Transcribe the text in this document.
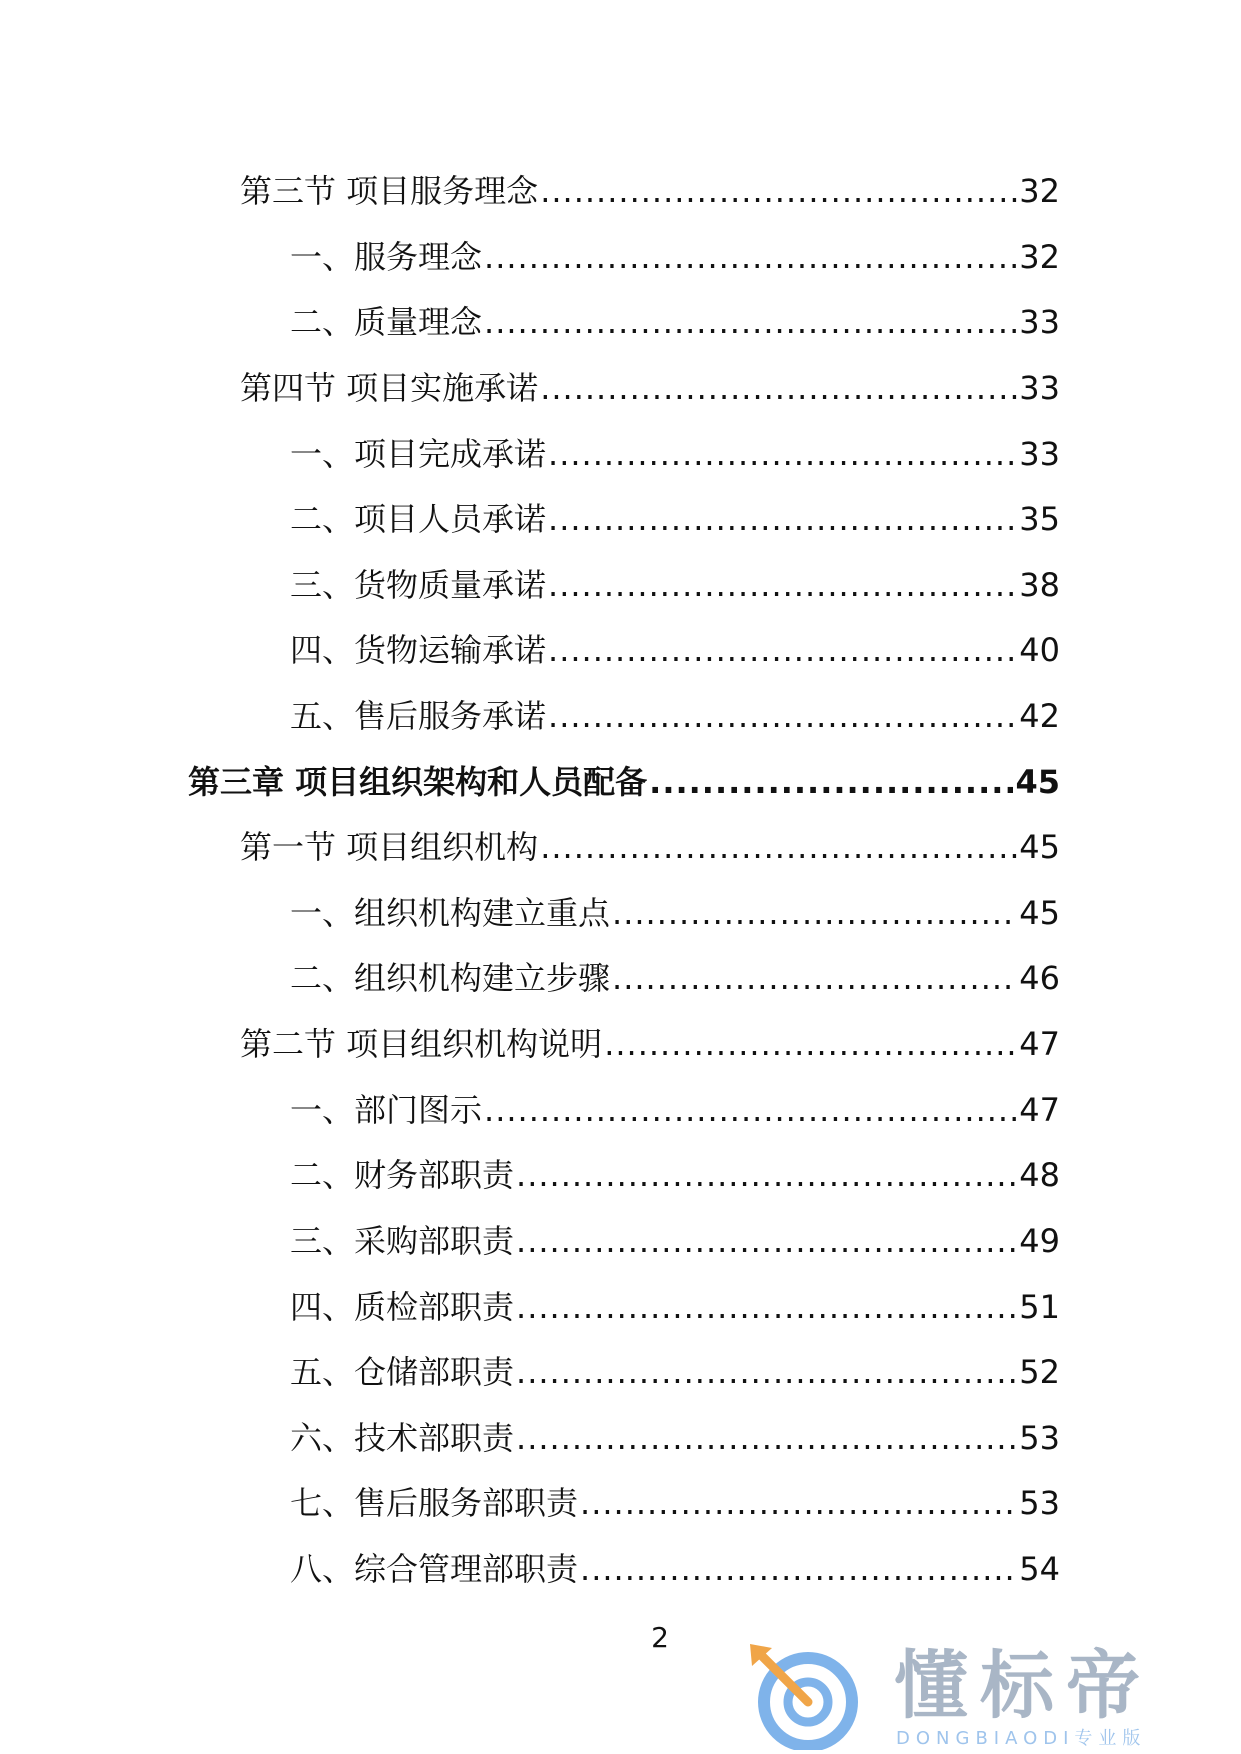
第三节 项目服务理念 .....	32
一、服务理念 .....	32
二、质量理念 .....	33
第四节 项目实施承诺 .....	33
一、项目完成承诺 .....	33
二、项目人员承诺 .....	35
三、货物质量承诺 .....	38
四、货物运输承诺 .....	40
五、售后服务承诺 .....	42
第三章 项目组织架构和人员配备 .....	45
第一节 项目组织机构 .....	45
一、组织机构建立重点 .....	45
二、组织机构建立步骤 .....	46
第二节 项目组织机构说明 .....	47
一、部门图示 .....	47
二、财务部职责 .....	48
三、采购部职责 .....	49
四、质检部职责 .....	51
五、仓储部职责 .....	52
六、技术部职责 .....	53
七、售后服务部职责 .....	53
八、综合管理部职责 .....	54
2
懂标帝
DONGBIAODI专业版
